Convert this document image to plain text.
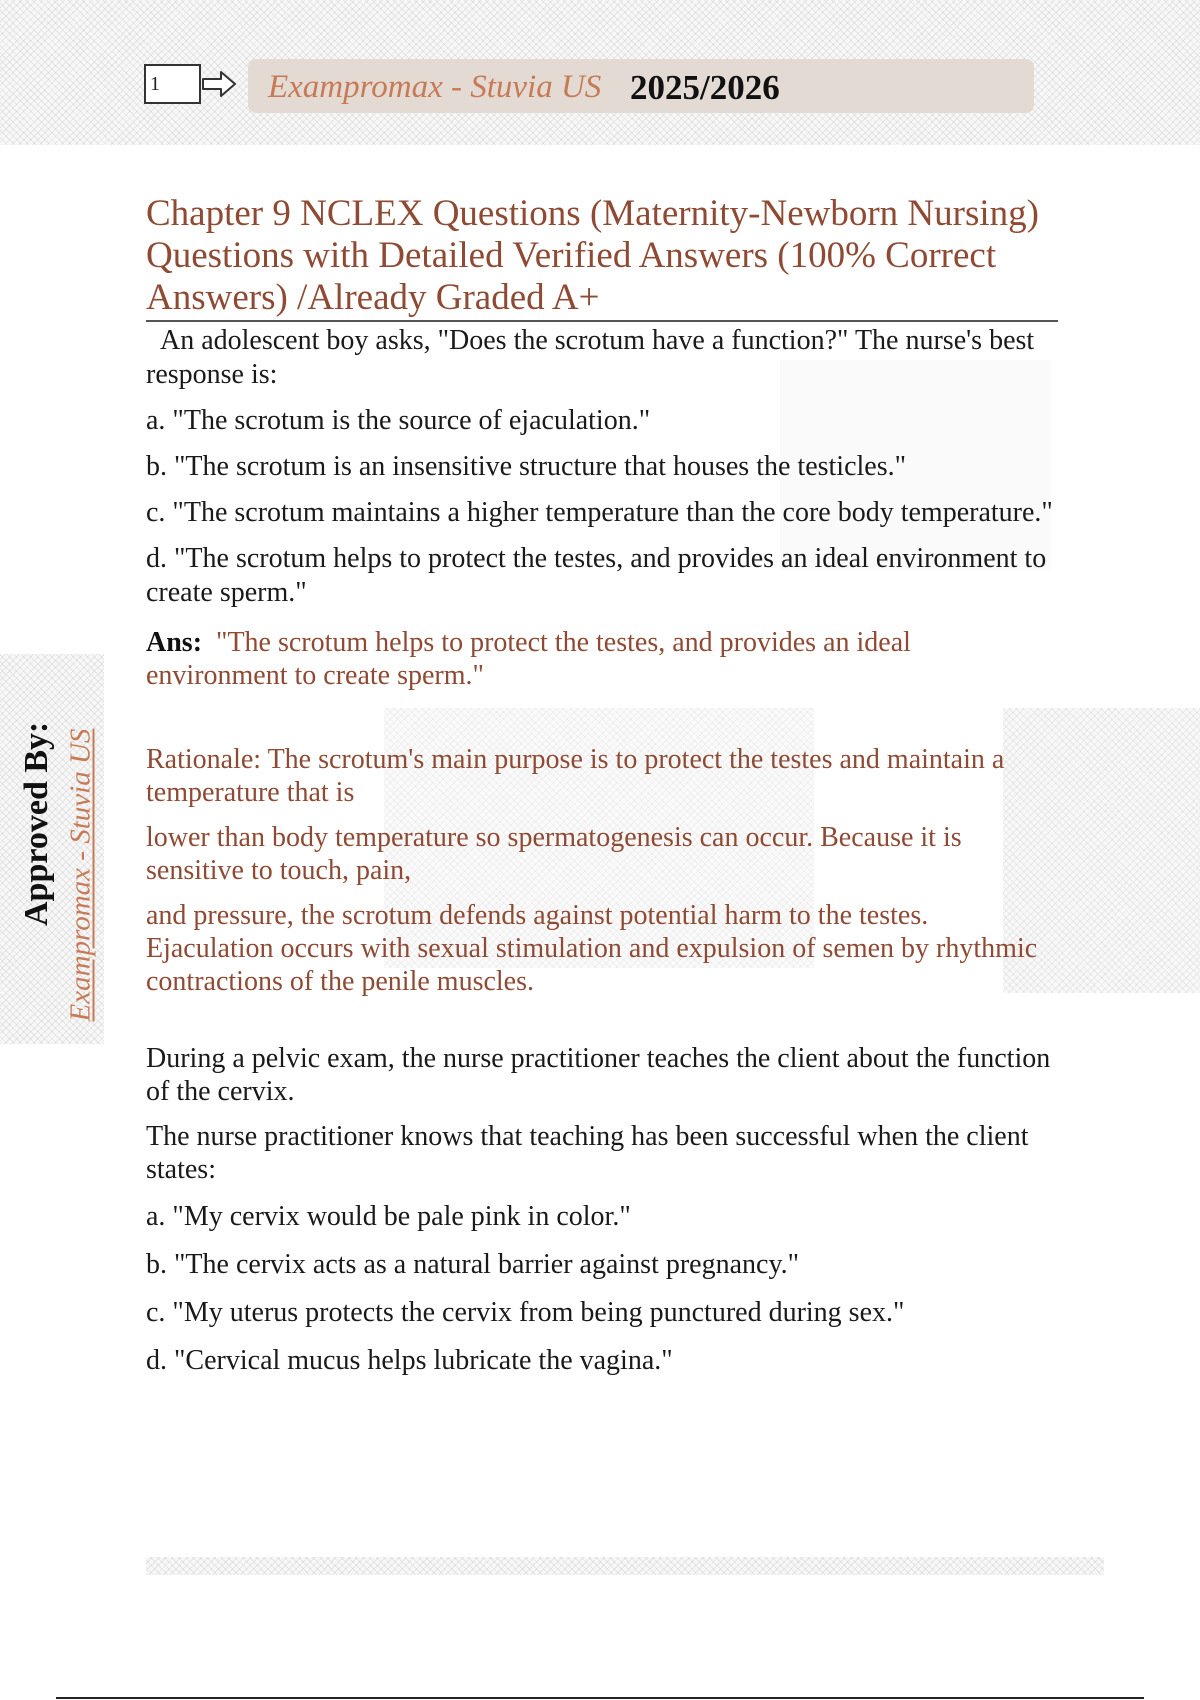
1	Exampromax - Stuvia US 2025/2026
Approved By: Exampromax - Stuvia US
Chapter 9 NCLEX Questions (Maternity-Newborn Nursing) Questions with Detailed Verified Answers (100% Correct Answers) /Already Graded A+

An adolescent boy asks, "Does the scrotum have a function?" The nurse's best response is:

a. "The scrotum is the source of ejaculation."

b. "The scrotum is an insensitive structure that houses the testicles."

c. "The scrotum maintains a higher temperature than the core body temperature."

d. "The scrotum helps to protect the testes, and provides an ideal environment to create sperm."

Ans: "The scrotum helps to protect the testes, and provides an ideal environment to create sperm."

Rationale: The scrotum's main purpose is to protect the testes and maintain a temperature that is

lower than body temperature so spermatogenesis can occur. Because it is sensitive to touch, pain,

and pressure, the scrotum defends against potential harm to the testes. Ejaculation occurs with sexual stimulation and expulsion of semen by rhythmic contractions of the penile muscles.

During a pelvic exam, the nurse practitioner teaches the client about the function of the cervix.

The nurse practitioner knows that teaching has been successful when the client states:

a. "My cervix would be pale pink in color."

b. "The cervix acts as a natural barrier against pregnancy."

c. "My uterus protects the cervix from being punctured during sex."

d. "Cervical mucus helps lubricate the vagina."
